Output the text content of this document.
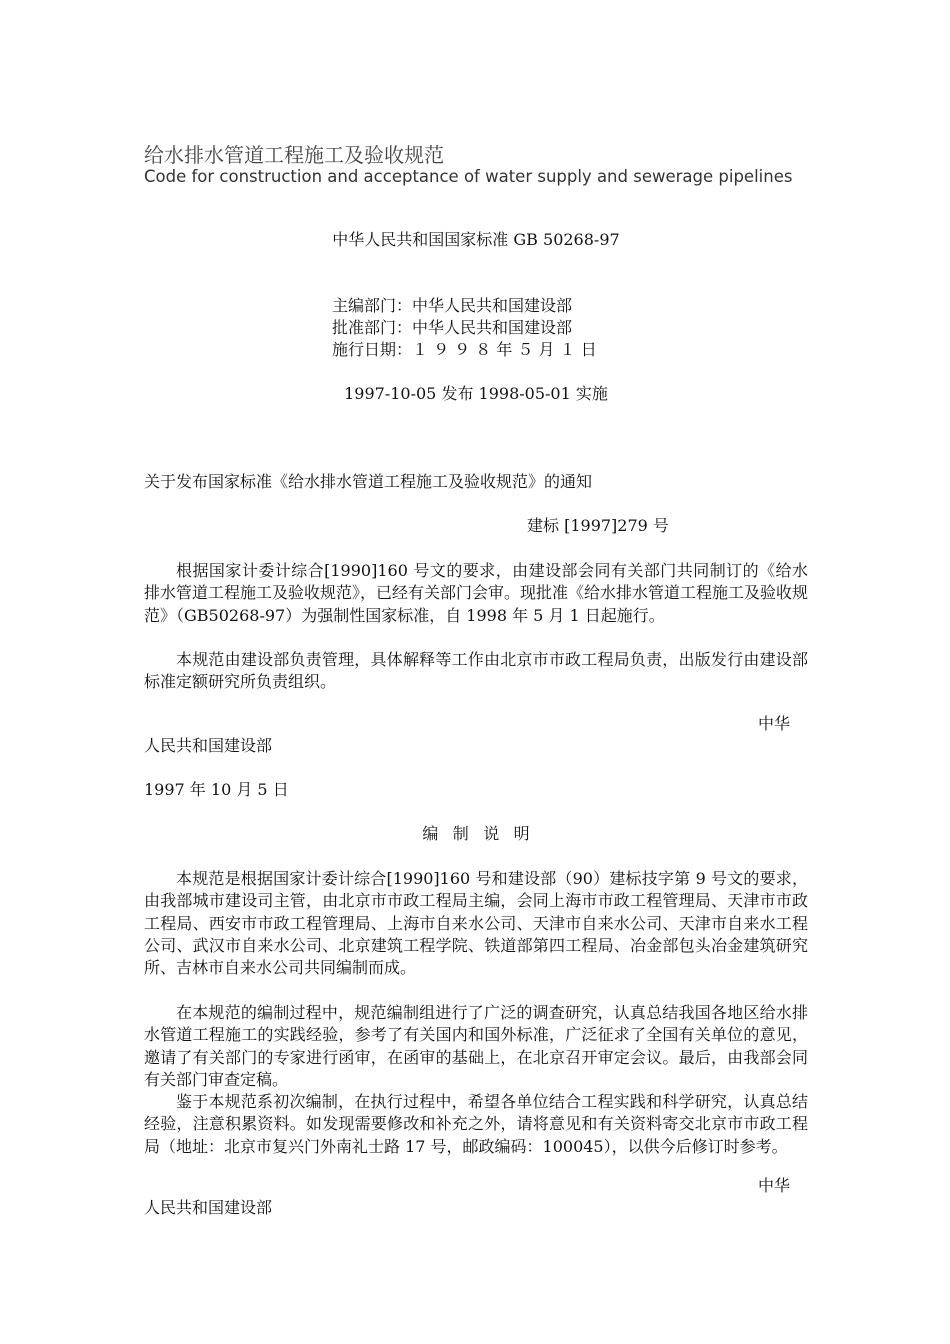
给水排水管道工程施工及验收规范
Code for construction and acceptance of water supply and sewerage pipelines
中华人民共和国国家标准 GB 50268-97
主编部门：中华人民共和国建设部
批准部门：中华人民共和国建设部
施行日期：１ ９ ９ ８ 年 ５ 月 １ 日
1997-10-05 发布 1998-05-01 实施
关于发布国家标准《给水排水管道工程施工及验收规范》的通知
建标 [1997]279 号
根据国家计委计综合[1990]160 号文的要求，由建设部会同有关部门共同制订的《给水排水管道工程施工及验收规范》，已经有关部门会审。现批准《给水排水管道工程施工及验收规范》（GB50268-97）为强制性国家标准，自 1998 年 5 月 1 日起施行。
本规范由建设部负责管理，具体解释等工作由北京市市政工程局负责，出版发行由建设部标准定额研究所负责组织。
中华
人民共和国建设部
1997 年 10 月 5 日
编制说明
本规范是根据国家计委计综合[1990]160 号和建设部（90）建标技字第 9 号文的要求，由我部城市建设司主管，由北京市市政工程局主编，会同上海市市政工程管理局、天津市市政工程局、西安市市政工程管理局、上海市自来水公司、天津市自来水公司、天津市自来水工程公司、武汉市自来水公司、北京建筑工程学院、铁道部第四工程局、冶金部包头冶金建筑研究所、吉林市自来水公司共同编制而成。
在本规范的编制过程中，规范编制组进行了广泛的调查研究，认真总结我国各地区给水排水管道工程施工的实践经验，参考了有关国内和国外标准，广泛征求了全国有关单位的意见，邀请了有关部门的专家进行函审，在函审的基础上，在北京召开审定会议。最后，由我部会同有关部门审查定稿。
鉴于本规范系初次编制，在执行过程中，希望各单位结合工程实践和科学研究，认真总结经验，注意积累资料。如发现需要修改和补充之外，请将意见和有关资料寄交北京市市政工程局（地址：北京市复兴门外南礼士路 17 号，邮政编码：100045），以供今后修订时参考。
中华
人民共和国建设部
